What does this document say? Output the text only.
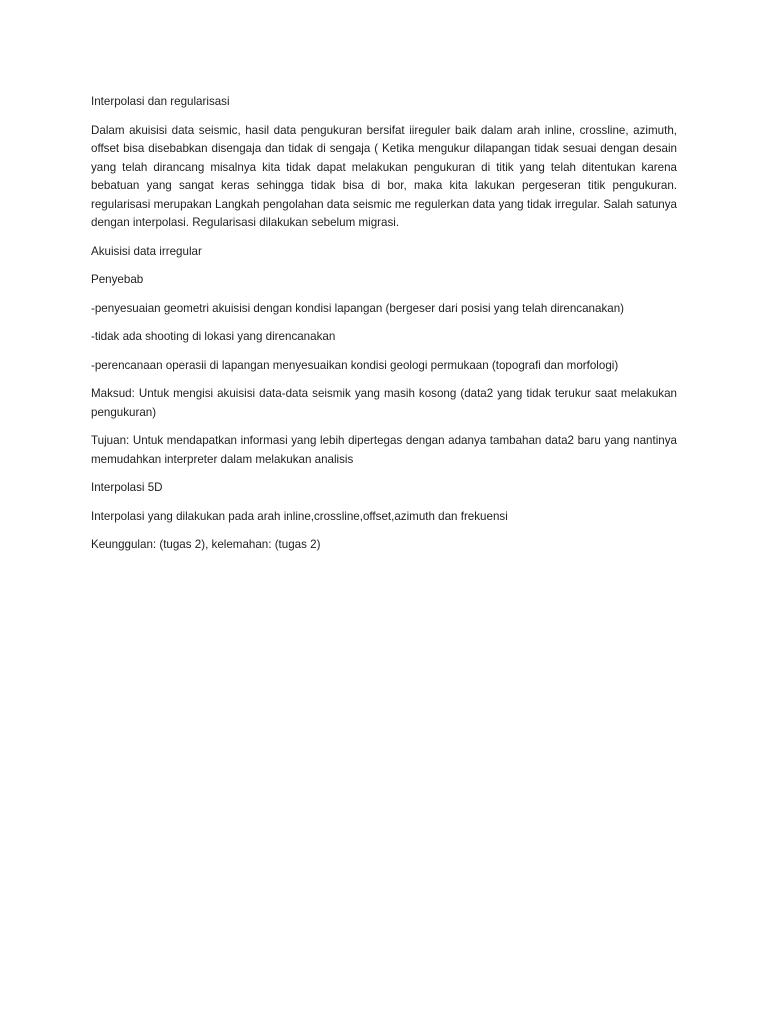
Interpolasi dan regularisasi

Dalam akuisisi data seismic, hasil data pengukuran bersifat iireguler baik dalam arah inline, crossline, azimuth, offset bisa disebabkan disengaja dan tidak di sengaja ( Ketika mengukur dilapangan tidak sesuai dengan desain yang telah dirancang misalnya kita tidak dapat melakukan pengukuran di titik yang telah ditentukan karena bebatuan yang sangat keras sehingga tidak bisa di bor, maka kita lakukan pergeseran titik pengukuran. regularisasi merupakan Langkah pengolahan data seismic me regulerkan data yang tidak irregular. Salah satunya dengan interpolasi. Regularisasi dilakukan sebelum migrasi.

Akuisisi data irregular

Penyebab

-penyesuaian geometri akuisisi dengan kondisi lapangan (bergeser dari posisi yang telah direncanakan)

-tidak ada shooting di lokasi yang direncanakan

-perencanaan operasii di lapangan menyesuaikan kondisi geologi permukaan (topografi dan morfologi)

Maksud: Untuk mengisi akuisisi data-data seismik yang masih kosong (data2 yang tidak terukur saat melakukan pengukuran)

Tujuan: Untuk mendapatkan informasi yang lebih dipertegas dengan adanya tambahan data2 baru yang nantinya memudahkan interpreter dalam melakukan analisis

Interpolasi 5D

Interpolasi yang dilakukan pada arah inline,crossline,offset,azimuth dan frekuensi

Keunggulan: (tugas 2), kelemahan: (tugas 2)
